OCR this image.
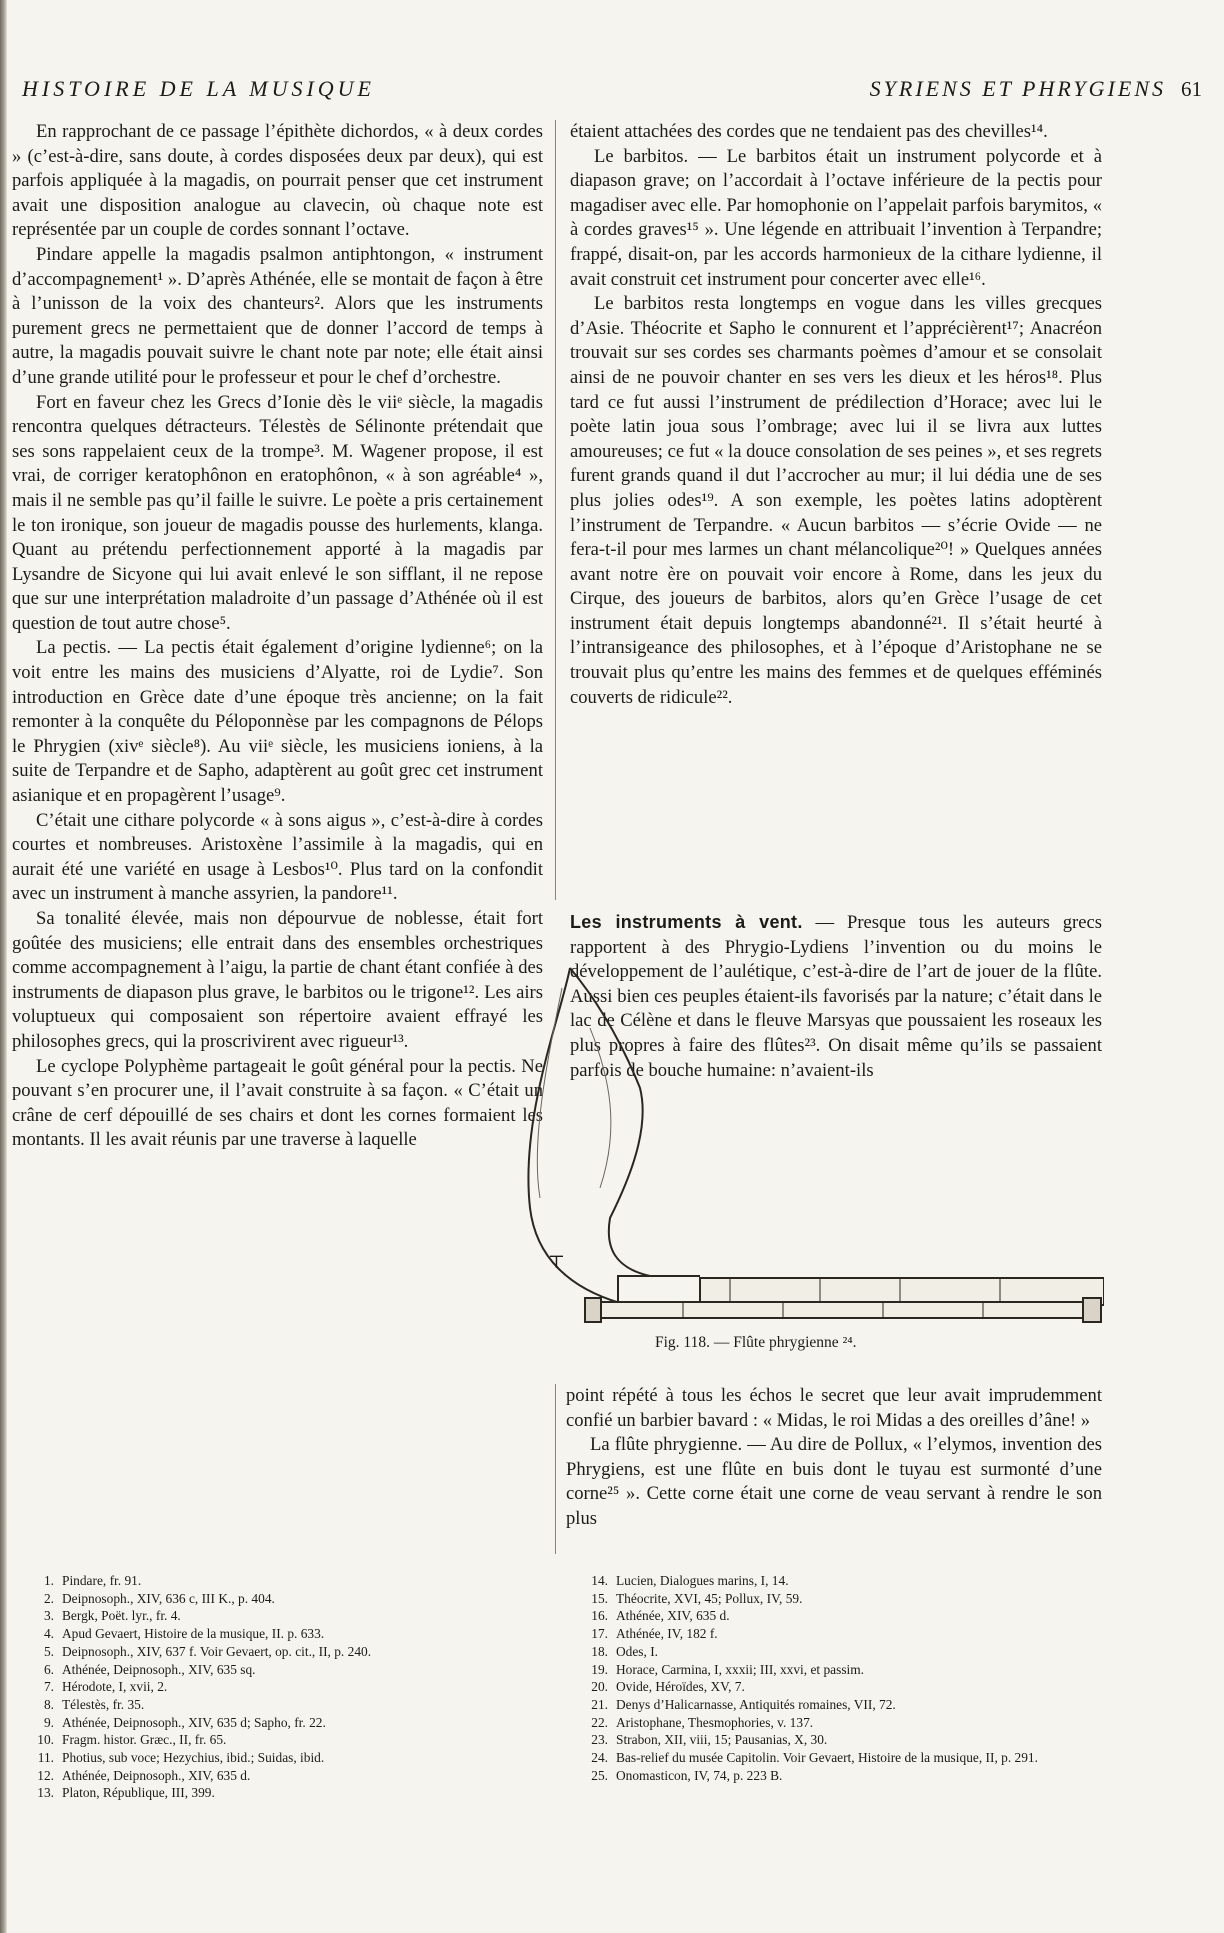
HISTOIRE DE LA MUSIQUE	SYRIENS ET PHRYGIENS 61

En rapprochant de ce passage l’épithète dichordos, « à deux cordes » (c’est-à-dire, sans doute, à cordes disposées deux par deux), qui est parfois appliquée à la magadis, on pourrait penser que cet instrument avait une disposition analogue au clavecin, où chaque note est représentée par un couple de cordes sonnant l’octave.

Pindare appelle la magadis psalmon antiphtongon, « instrument d’accompagnement¹ ». D’après Athénée, elle se montait de façon à être à l’unisson de la voix des chanteurs². Alors que les instruments purement grecs ne permettaient que de donner l’accord de temps à autre, la magadis pouvait suivre le chant note par note; elle était ainsi d’une grande utilité pour le professeur et pour le chef d’orchestre.

Fort en faveur chez les Grecs d’Ionie dès le viiᵉ siècle, la magadis rencontra quelques détracteurs. Télestès de Sélinonte prétendait que ses sons rappelaient ceux de la trompe³. M. Wagener propose, il est vrai, de corriger keratophônon en eratophônon, « à son agréable⁴ », mais il ne semble pas qu’il faille le suivre. Le poète a pris certainement le ton ironique, son joueur de magadis pousse des hurlements, klanga. Quant au prétendu perfectionnement apporté à la magadis par Lysandre de Sicyone qui lui avait enlevé le son sifflant, il ne repose que sur une interprétation maladroite d’un passage d’Athénée où il est question de tout autre chose⁵.

La pectis. — La pectis était également d’origine lydienne⁶; on la voit entre les mains des musiciens d’Alyatte, roi de Lydie⁷. Son introduction en Grèce date d’une époque très ancienne; on la fait remonter à la conquête du Péloponnèse par les compagnons de Pélops le Phrygien (xivᵉ siècle⁸). Au viiᵉ siècle, les musiciens ioniens, à la suite de Terpandre et de Sapho, adaptèrent au goût grec cet instrument asianique et en propagèrent l’usage⁹.

C’était une cithare polycorde « à sons aigus », c’est-à-dire à cordes courtes et nombreuses. Aristoxène l’assimile à la magadis, qui en aurait été une variété en usage à Lesbos¹⁰. Plus tard on la confondit avec un instrument à manche assyrien, la pandore¹¹.

Sa tonalité élevée, mais non dépourvue de noblesse, était fort goûtée des musiciens; elle entrait dans des ensembles orchestriques comme accompagnement à l’aigu, la partie de chant étant confiée à des instruments de diapason plus grave, le barbitos ou le trigone¹². Les airs voluptueux qui composaient son répertoire avaient effrayé les philosophes grecs, qui la proscrivirent avec rigueur¹³.

Le cyclope Polyphème partageait le goût général pour la pectis. Ne pouvant s’en procurer une, il l’avait construite à sa façon. « C’était un crâne de cerf dépouillé de ses chairs et dont les cornes formaient les montants. Il les avait réunis par une traverse à laquelle

étaient attachées des cordes que ne tendaient pas des chevilles¹⁴.

Le barbitos. — Le barbitos était un instrument polycorde et à diapason grave; on l’accordait à l’octave inférieure de la pectis pour magadiser avec elle. Par homophonie on l’appelait parfois barymitos, « à cordes graves¹⁵ ». Une légende en attribuait l’invention à Terpandre; frappé, disait-on, par les accords harmonieux de la cithare lydienne, il avait construit cet instrument pour concerter avec elle¹⁶.

Le barbitos resta longtemps en vogue dans les villes grecques d’Asie. Théocrite et Sapho le connurent et l’apprécièrent¹⁷; Anacréon trouvait sur ses cordes ses charmants poèmes d’amour et se consolait ainsi de ne pouvoir chanter en ses vers les dieux et les héros¹⁸. Plus tard ce fut aussi l’instrument de prédilection d’Horace; avec lui le poète latin joua sous l’ombrage; avec lui il se livra aux luttes amoureuses; ce fut « la douce consolation de ses peines », et ses regrets furent grands quand il dut l’accrocher au mur; il lui dédia une de ses plus jolies odes¹⁹. A son exemple, les poètes latins adoptèrent l’instrument de Terpandre. « Aucun barbitos — s’écrie Ovide — ne fera-t-il pour mes larmes un chant mélancolique²⁰! » Quelques années avant notre ère on pouvait voir encore à Rome, dans les jeux du Cirque, des joueurs de barbitos, alors qu’en Grèce l’usage de cet instrument était depuis longtemps abandonné²¹. Il s’était heurté à l’intransigeance des philosophes, et à l’époque d’Aristophane ne se trouvait plus qu’entre les mains des femmes et de quelques efféminés couverts de ridicule²².

Les instruments à vent. — Presque tous les auteurs grecs rapportent à des Phrygio-Lydiens l’invention ou du moins le développement de l’aulétique, c’est-à-dire de l’art de jouer de la flûte. Aussi bien ces peuples étaient-ils favorisés par la nature; c’était dans le lac de Célène et dans le fleuve Marsyas que poussaient les roseaux les plus propres à faire des flûtes²³. On disait même qu’ils se passaient parfois de bouche humaine: n’avaient-ils

⊤
Fig. 118. — Flûte phrygienne ²⁴.

point répété à tous les échos le secret que leur avait imprudemment confié un barbier bavard : « Midas, le roi Midas a des oreilles d’âne! »

La flûte phrygienne. — Au dire de Pollux, « l’elymos, invention des Phrygiens, est une flûte en buis dont le tuyau est surmonté d’une corne²⁵ ». Cette corne était une corne de veau servant à rendre le son plus

1. Pindare, fr. 91.
2. Deipnosoph., XIV, 636 c, III K., p. 404.
3. Bergk, Poët. lyr., fr. 4.
4. Apud Gevaert, Histoire de la musique, II. p. 633.
5. Deipnosoph., XIV, 637 f. Voir Gevaert, op. cit., II, p. 240.
6. Athénée, Deipnosoph., XIV, 635 sq.
7. Hérodote, I, xvii, 2.
8. Télestès, fr. 35.
9. Athénée, Deipnosoph., XIV, 635 d; Sapho, fr. 22.
10. Fragm. histor. Græc., II, fr. 65.
11. Photius, sub voce; Hezychius, ibid.; Suidas, ibid.
12. Athénée, Deipnosoph., XIV, 635 d.
13. Platon, République, III, 399.
14. Lucien, Dialogues marins, I, 14.
15. Théocrite, XVI, 45; Pollux, IV, 59.
16. Athénée, XIV, 635 d.
17. Athénée, IV, 182 f.
18. Odes, I.
19. Horace, Carmina, I, xxxii; III, xxvi, et passim.
20. Ovide, Héroïdes, XV, 7.
21. Denys d’Halicarnasse, Antiquités romaines, VII, 72.
22. Aristophane, Thesmophories, v. 137.
23. Strabon, XII, viii, 15; Pausanias, X, 30.
24. Bas-relief du musée Capitolin. Voir Gevaert, Histoire de la musique, II, p. 291.
25. Onomasticon, IV, 74, p. 223 B.
